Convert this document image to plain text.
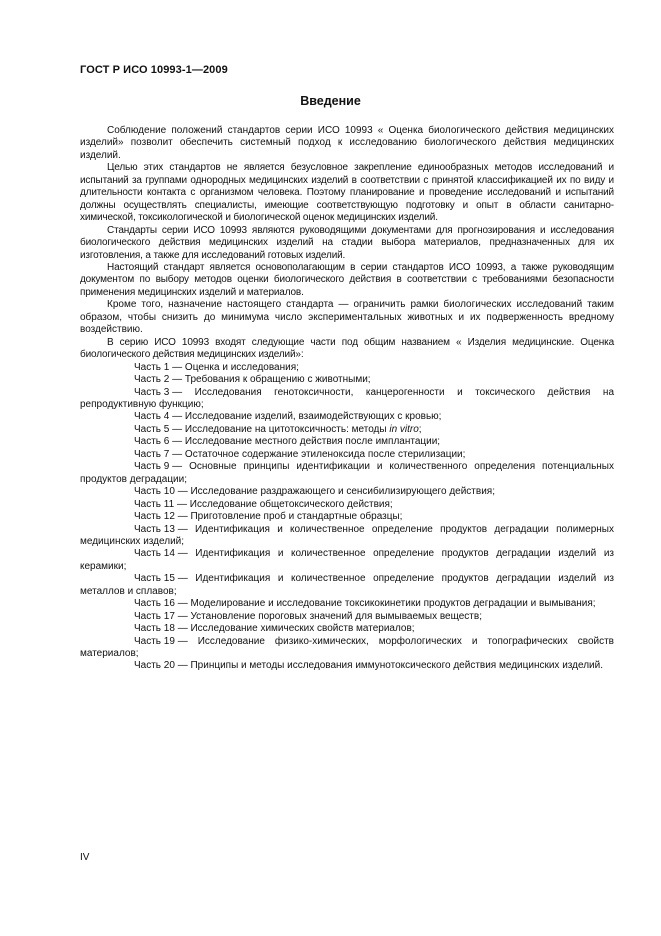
ГОСТ Р ИСО 10993-1—2009
Введение

Соблюдение положений стандартов серии ИСО 10993 « Оценка биологического действия медицинских изделий» позволит обеспечить системный подход к исследованию биологического действия медицинских изделий.

Целью этих стандартов не является безусловное закрепление единообразных методов исследований и испытаний за группами однородных медицинских изделий в соответствии с принятой классификацией их по виду и длительности контакта с организмом человека. Поэтому планирование и проведение исследований и испытаний должны осуществлять специалисты, имеющие соответствующую подготовку и опыт в области санитарно-химической, токсикологической и биологической оценок медицинских изделий.

Стандарты серии ИСО 10993 являются руководящими документами для прогнозирования и исследования биологического действия медицинских изделий на стадии выбора материалов, предназначенных для их изготовления, а также для исследований готовых изделий.

Настоящий стандарт является основополагающим в серии стандартов ИСО 10993, а также руководящим документом по выбору методов оценки биологического действия в соответствии с требованиями безопасности применения медицинских изделий и материалов.

Кроме того, назначение настоящего стандарта — ограничить рамки биологических исследований таким образом, чтобы снизить до минимума число экспериментальных животных и их подверженность вредному воздействию.

В серию ИСО 10993 входят следующие части под общим названием « Изделия медицинские. Оценка биологического действия медицинских изделий»:

Часть 1 — Оценка и исследования;

Часть 2 — Требования к обращению с животными;

Часть 3 — Исследования генотоксичности, канцерогенности и токсического действия на репродуктивную функцию;

Часть 4 — Исследование изделий, взаимодействующих с кровью;

Часть 5 — Исследование на цитотоксичность: методы in vitro;

Часть 6 — Исследование местного действия после имплантации;

Часть 7 — Остаточное содержание этиленоксида после стерилизации;

Часть 9 — Основные принципы идентификации и количественного определения потенциальных продуктов деградации;

Часть 10 — Исследование раздражающего и сенсибилизирующего действия;

Часть 11 — Исследование общетоксического действия;

Часть 12 — Приготовление проб и стандартные образцы;

Часть 13 — Идентификация и количественное определение продуктов деградации полимерных медицинских изделий;

Часть 14 — Идентификация и количественное определение продуктов деградации изделий из керамики;

Часть 15 — Идентификация и количественное определение продуктов деградации изделий из металлов и сплавов;

Часть 16 — Моделирование и исследование токсикокинетики продуктов деградации и вымывания;

Часть 17 — Установление пороговых значений для вымываемых веществ;

Часть 18 — Исследование химических свойств материалов;

Часть 19 — Исследование физико-химических, морфологических и топографических свойств материалов;

Часть 20 — Принципы и методы исследования иммунотоксического действия медицинских изделий.

IV
